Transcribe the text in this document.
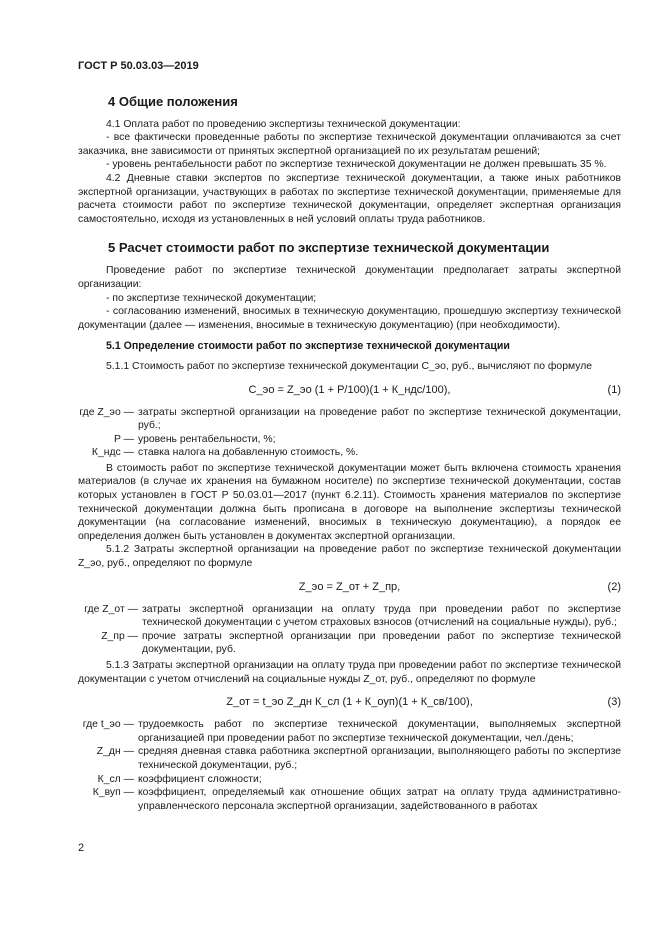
ГОСТ Р 50.03.03—2019
4 Общие положения

4.1 Оплата работ по проведению экспертизы технической документации:

- все фактически проведенные работы по экспертизе технической документации оплачиваются за счет заказчика, вне зависимости от принятых экспертной организацией по их результатам решений;

- уровень рентабельности работ по экспертизе технической документации не должен превышать 35 %.

4.2 Дневные ставки экспертов по экспертизе технической документации, а также иных работников экспертной организации, участвующих в работах по экспертизе технической документации, применяемые для расчета стоимости работ по экспертизе технической документации, определяет экспертная организация самостоятельно, исходя из установленных в ней условий оплаты труда работников.

5 Расчет стоимости работ по экспертизе технической документации

Проведение работ по экспертизе технической документации предполагает затраты экспертной организации:

- по экспертизе технической документации;

- согласованию изменений, вносимых в техническую документацию, прошедшую экспертизу технической документации (далее — изменения, вносимые в техническую документацию) (при необходимости).

5.1 Определение стоимости работ по экспертизе технической документации

5.1.1 Стоимость работ по экспертизе технической документации С_эо, руб., вычисляют по формуле

С_эо = Z_эо (1 + P/100)(1 + К_ндс/100),	(1)
где Z_эо — затраты экспертной организации на проведение работ по экспертизе технической документации, руб.;
P — уровень рентабельности, %;
К_ндс — ставка налога на добавленную стоимость, %.

В стоимость работ по экспертизе технической документации может быть включена стоимость хранения материалов (в случае их хранения на бумажном носителе) по экспертизе технической документации, состав которых установлен в ГОСТ Р 50.03.01—2017 (пункт 6.2.11). Стоимость хранения материалов по экспертизе технической документации должна быть прописана в договоре на выполнение экспертизы технической документации (на согласование изменений, вносимых в техническую документацию), а порядок ее определения должен быть установлен в документах экспертной организации.

5.1.2 Затраты экспертной организации на проведение работ по экспертизе технической документации Z_эо, руб., определяют по формуле

Z_эо = Z_от + Z_пр,	(2)
где Z_от — затраты экспертной организации на оплату труда при проведении работ по экспертизе технической документации с учетом страховых взносов (отчислений на социальные нужды), руб.;
Z_пр — прочие затраты экспертной организации при проведении работ по экспертизе технической документации, руб.

5.1.3 Затраты экспертной организации на оплату труда при проведении работ по экспертизе технической документации с учетом отчислений на социальные нужды Z_от, руб., определяют по формуле

Z_от = t_эо Z_дн К_сл (1 + К_оуп)(1 + К_св/100),	(3)
где t_эо — трудоемкость работ по экспертизе технической документации, выполняемых экспертной организацией при проведении работ по экспертизе технической документации, чел./день;
Z_дн — средняя дневная ставка работника экспертной организации, выполняющего работы по экспертизе технической документации, руб.;
К_сл — коэффициент сложности;
К_вуп — коэффициент, определяемый как отношение общих затрат на оплату труда административно-управленческого персонала экспертной организации, задействованного в работах
2
